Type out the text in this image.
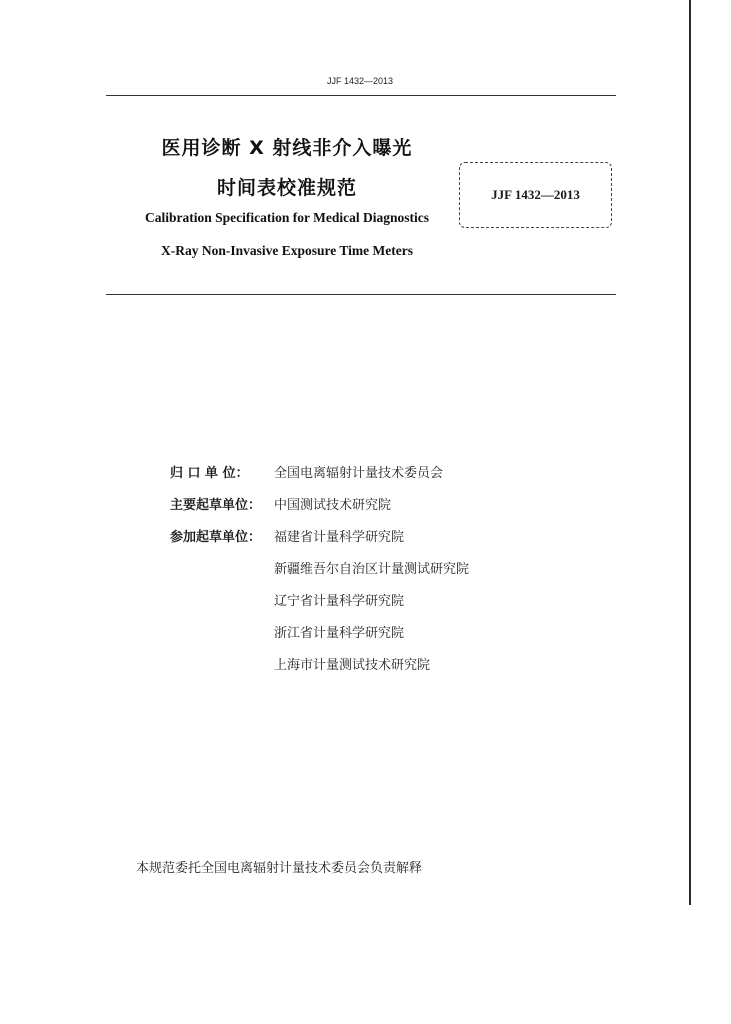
JJF 1432—2013
医用诊断 X 射线非介入曝光
时间表校准规范
Calibration Specification for Medical Diagnostics
X-Ray Non-Invasive Exposure Time Meters
JJF 1432—2013
归 口 单 位： 全国电离辐射计量技术委员会
主要起草单位： 中国测试技术研究院
参加起草单位： 福建省计量科学研究院
新疆维吾尔自治区计量测试研究院
辽宁省计量科学研究院
浙江省计量科学研究院
上海市计量测试技术研究院
本规范委托全国电离辐射计量技术委员会负责解释
